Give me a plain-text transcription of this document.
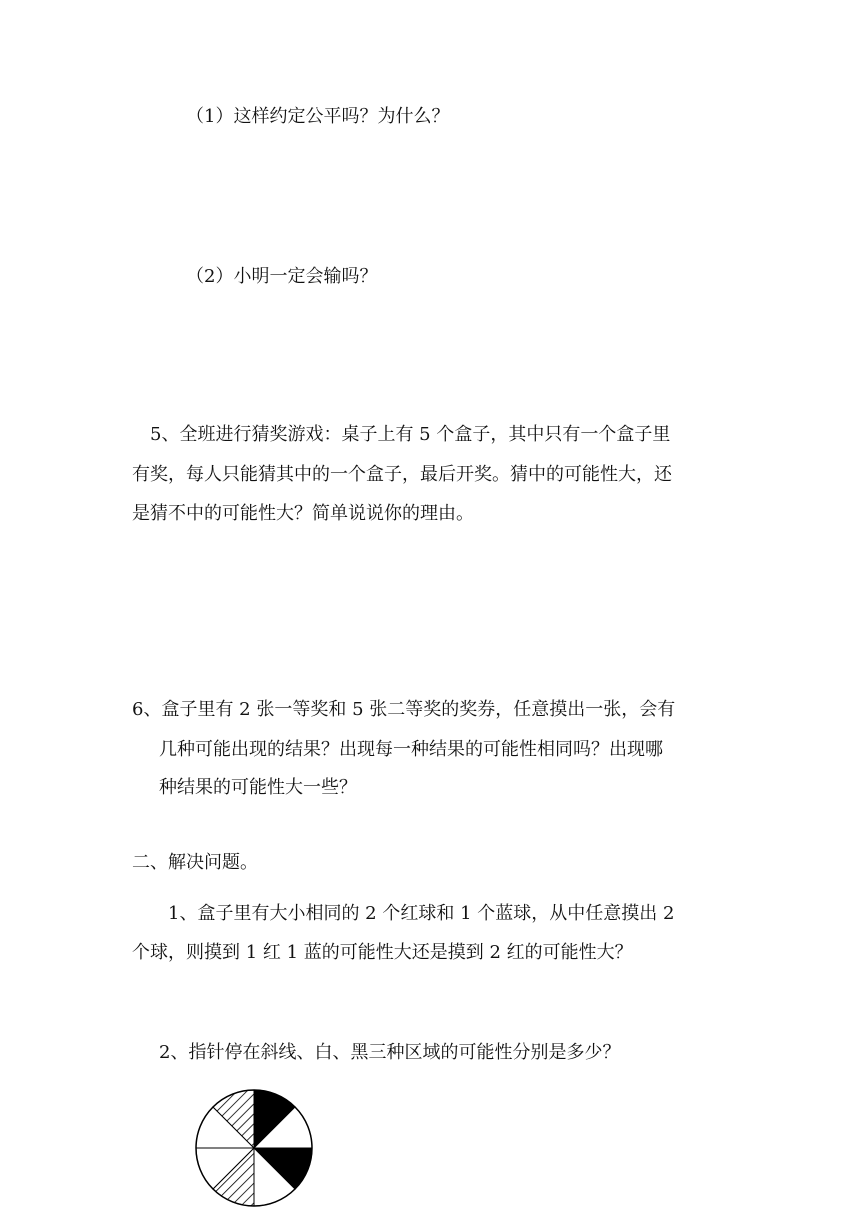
（1）这样约定公平吗？为什么？
（2）小明一定会输吗？
5、全班进行猜奖游戏：桌子上有 5 个盒子，其中只有一个盒子里
有奖，每人只能猜其中的一个盒子，最后开奖。猜中的可能性大，还
是猜不中的可能性大？简单说说你的理由。
6、盒子里有 2 张一等奖和 5 张二等奖的奖券，任意摸出一张，会有
几种可能出现的结果？出现每一种结果的可能性相同吗？出现哪
种结果的可能性大一些？
二、解决问题。
1、盒子里有大小相同的 2 个红球和 1 个蓝球，从中任意摸出 2
个球，则摸到 1 红 1 蓝的可能性大还是摸到 2 红的可能性大？
2、指针停在斜线、白、黑三种区域的可能性分别是多少？
